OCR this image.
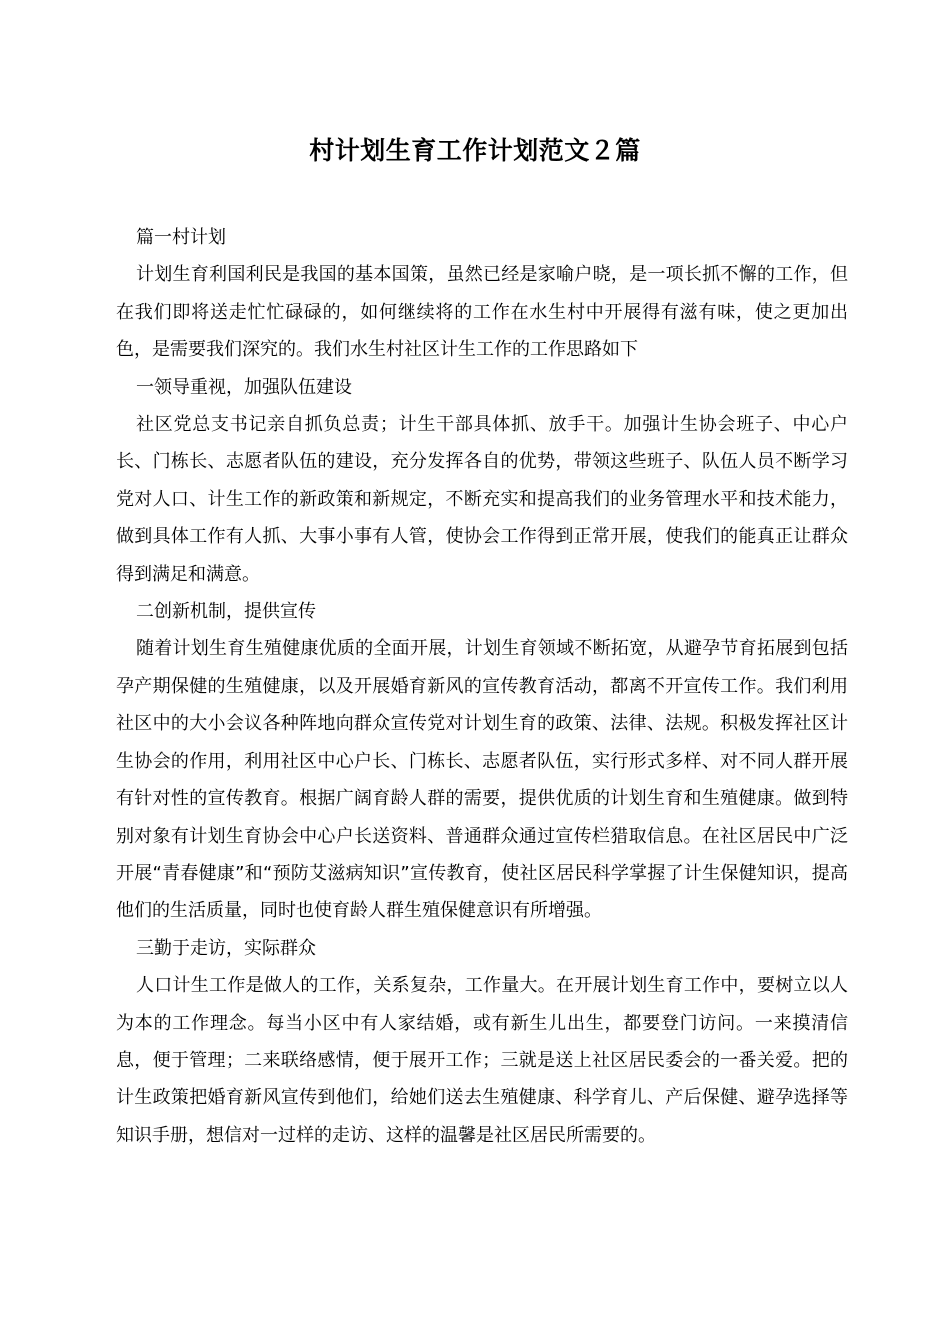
村计划生育工作计划范文２篇

篇一村计划

计划生育利国利民是我国的基本国策，虽然已经是家喻户晓，是一项长抓不懈的工作，但在我们即将送走忙忙碌碌的，如何继续将的工作在水生村中开展得有滋有味，使之更加出色，是需要我们深究的。我们水生村社区计生工作的工作思路如下

一领导重视，加强队伍建设

社区党总支书记亲自抓负总责；计生干部具体抓、放手干。加强计生协会班子、中心户长、门栋长、志愿者队伍的建设，充分发挥各自的优势，带领这些班子、队伍人员不断学习党对人口、计生工作的新政策和新规定，不断充实和提高我们的业务管理水平和技术能力，做到具体工作有人抓、大事小事有人管，使协会工作得到正常开展，使我们的能真正让群众得到满足和满意。

二创新机制，提供宣传

随着计划生育生殖健康优质的全面开展，计划生育领域不断拓宽，从避孕节育拓展到包括孕产期保健的生殖健康，以及开展婚育新风的宣传教育活动，都离不开宣传工作。我们利用社区中的大小会议各种阵地向群众宣传党对计划生育的政策、法律、法规。积极发挥社区计生协会的作用，利用社区中心户长、门栋长、志愿者队伍，实行形式多样、对不同人群开展有针对性的宣传教育。根据广阔育龄人群的需要，提供优质的计划生育和生殖健康。做到特别对象有计划生育协会中心户长送资料、普通群众通过宣传栏猎取信息。在社区居民中广泛开展“青春健康”和“预防艾滋病知识”宣传教育，使社区居民科学掌握了计生保健知识，提高他们的生活质量，同时也使育龄人群生殖保健意识有所增强。

三勤于走访，实际群众

人口计生工作是做人的工作，关系复杂，工作量大。在开展计划生育工作中，要树立以人为本的工作理念。每当小区中有人家结婚，或有新生儿出生，都要登门访问。一来摸清信息，便于管理；二来联络感情，便于展开工作；三就是送上社区居民委会的一番关爱。把的计生政策把婚育新风宣传到他们，给她们送去生殖健康、科学育儿、产后保健、避孕选择等知识手册，想信对一过样的走访、这样的温馨是社区居民所需要的。
